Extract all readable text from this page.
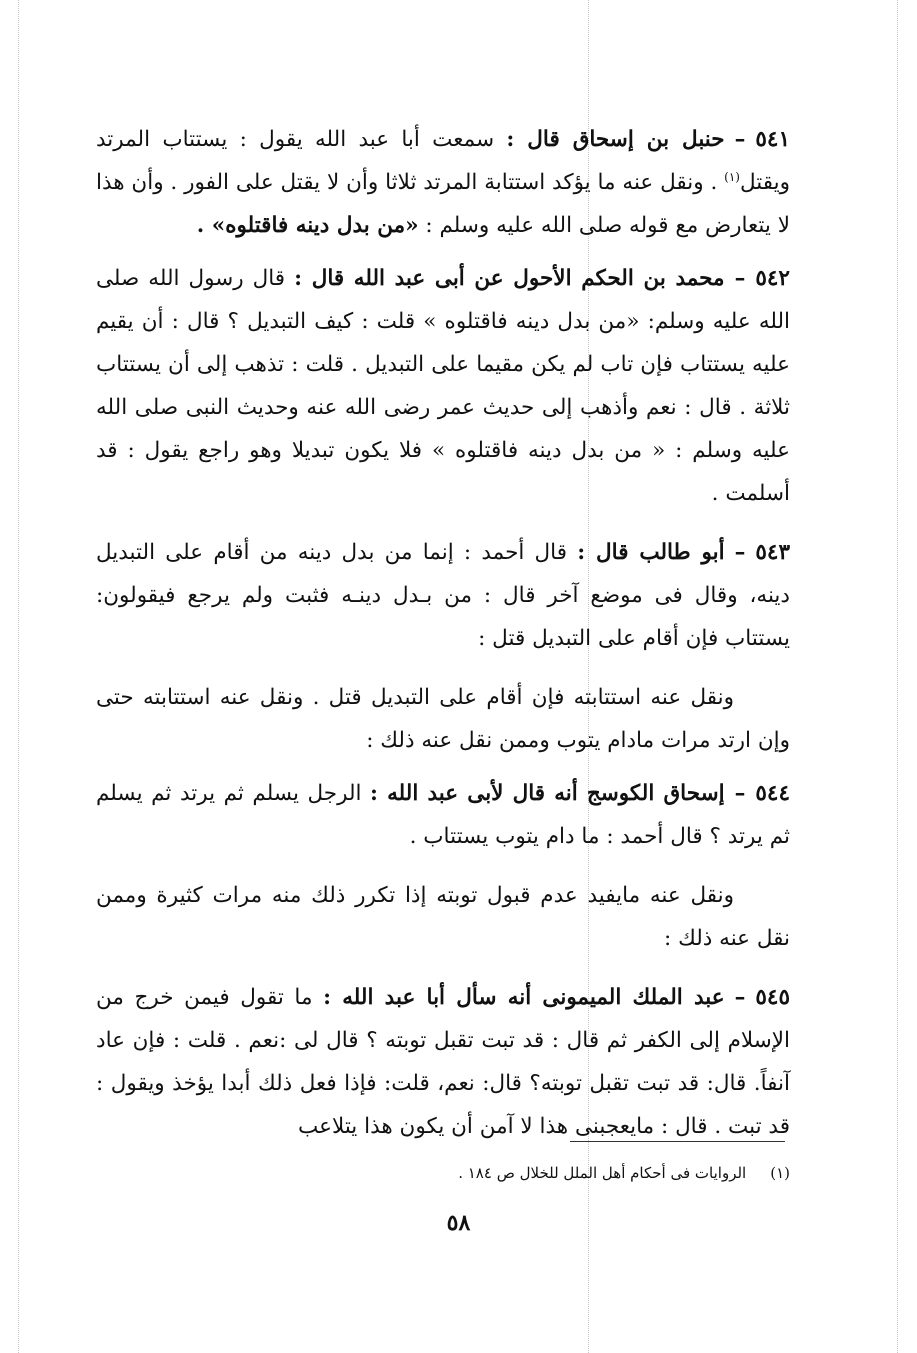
٥٤١–حنبل بن إسحاق قال : سمعت أبا عبد الله يقول : يستتاب المرتد ويقتل$^{(١)}$ . ونقل عنه ما يؤكد استتابة المرتد ثلاثا وأن لا يقتل على الفور . وأن هذا لا يتعارض مع قوله صلى الله عليه وسلم : «من بدل دينه فاقتلوه» .

٥٤٢–محمد بن الحكم الأحول عن أبى عبد الله قال : قال رسول الله صلى الله عليه وسلم: «من بدل دينه فاقتلوه » قلت : كيف التبديل ؟ قال : أن يقيم عليه يستتاب فإن تاب لم يكن مقيما على التبديل . قلت : تذهب إلى أن يستتاب ثلاثة . قال : نعم وأذهب إلى حديث عمر رضى الله عنه وحديث النبى صلى الله عليه وسلم : « من بدل دينه فاقتلوه » فلا يكون تبديلا وهو راجع يقول : قد أسلمت .

٥٤٣–أبو طالب قال : قال أحمد : إنما من بدل دينه من أقام على التبديل دينه، وقال فى موضع آخر قال : من بـدل دينـه فثبت ولم يرجع فيقولون: يستتاب فإن أقام على التبديل قتل :

ونقل عنه استتابته فإن أقام على التبديل قتل . ونقل عنه استتابته حتى وإن ارتد مرات مادام يتوب وممن نقل عنه ذلك :

٥٤٤–إسحاق الكوسج أنه قال لأبى عبد الله : الرجل يسلم ثم يرتد ثم يسلم ثم يرتد ؟ قال أحمد : ما دام يتوب يستتاب .

ونقل عنه مايفيد عدم قبول توبته إذا تكرر ذلك منه مرات كثيرة وممن نقل عنه ذلك :

٥٤٥–عبد الملك الميمونى أنه سأل أبا عبد الله : ما تقول فيمن خرج من الإسلام إلى الكفر ثم قال : قد تبت تقبل توبته ؟ قال لى :نعم . قلت : فإن عاد آنفاً. قال: قد تبت تقبل توبته؟ قال: نعم، قلت: فإذا فعل ذلك أبدا يؤخذ ويقول : قد تبت . قال : مايعجبنى هذا لا آمن أن يكون هذا يتلاعب

(١)الروايات فى أحكام أهل الملل للخلال ص ١٨٤ .
٥٨
